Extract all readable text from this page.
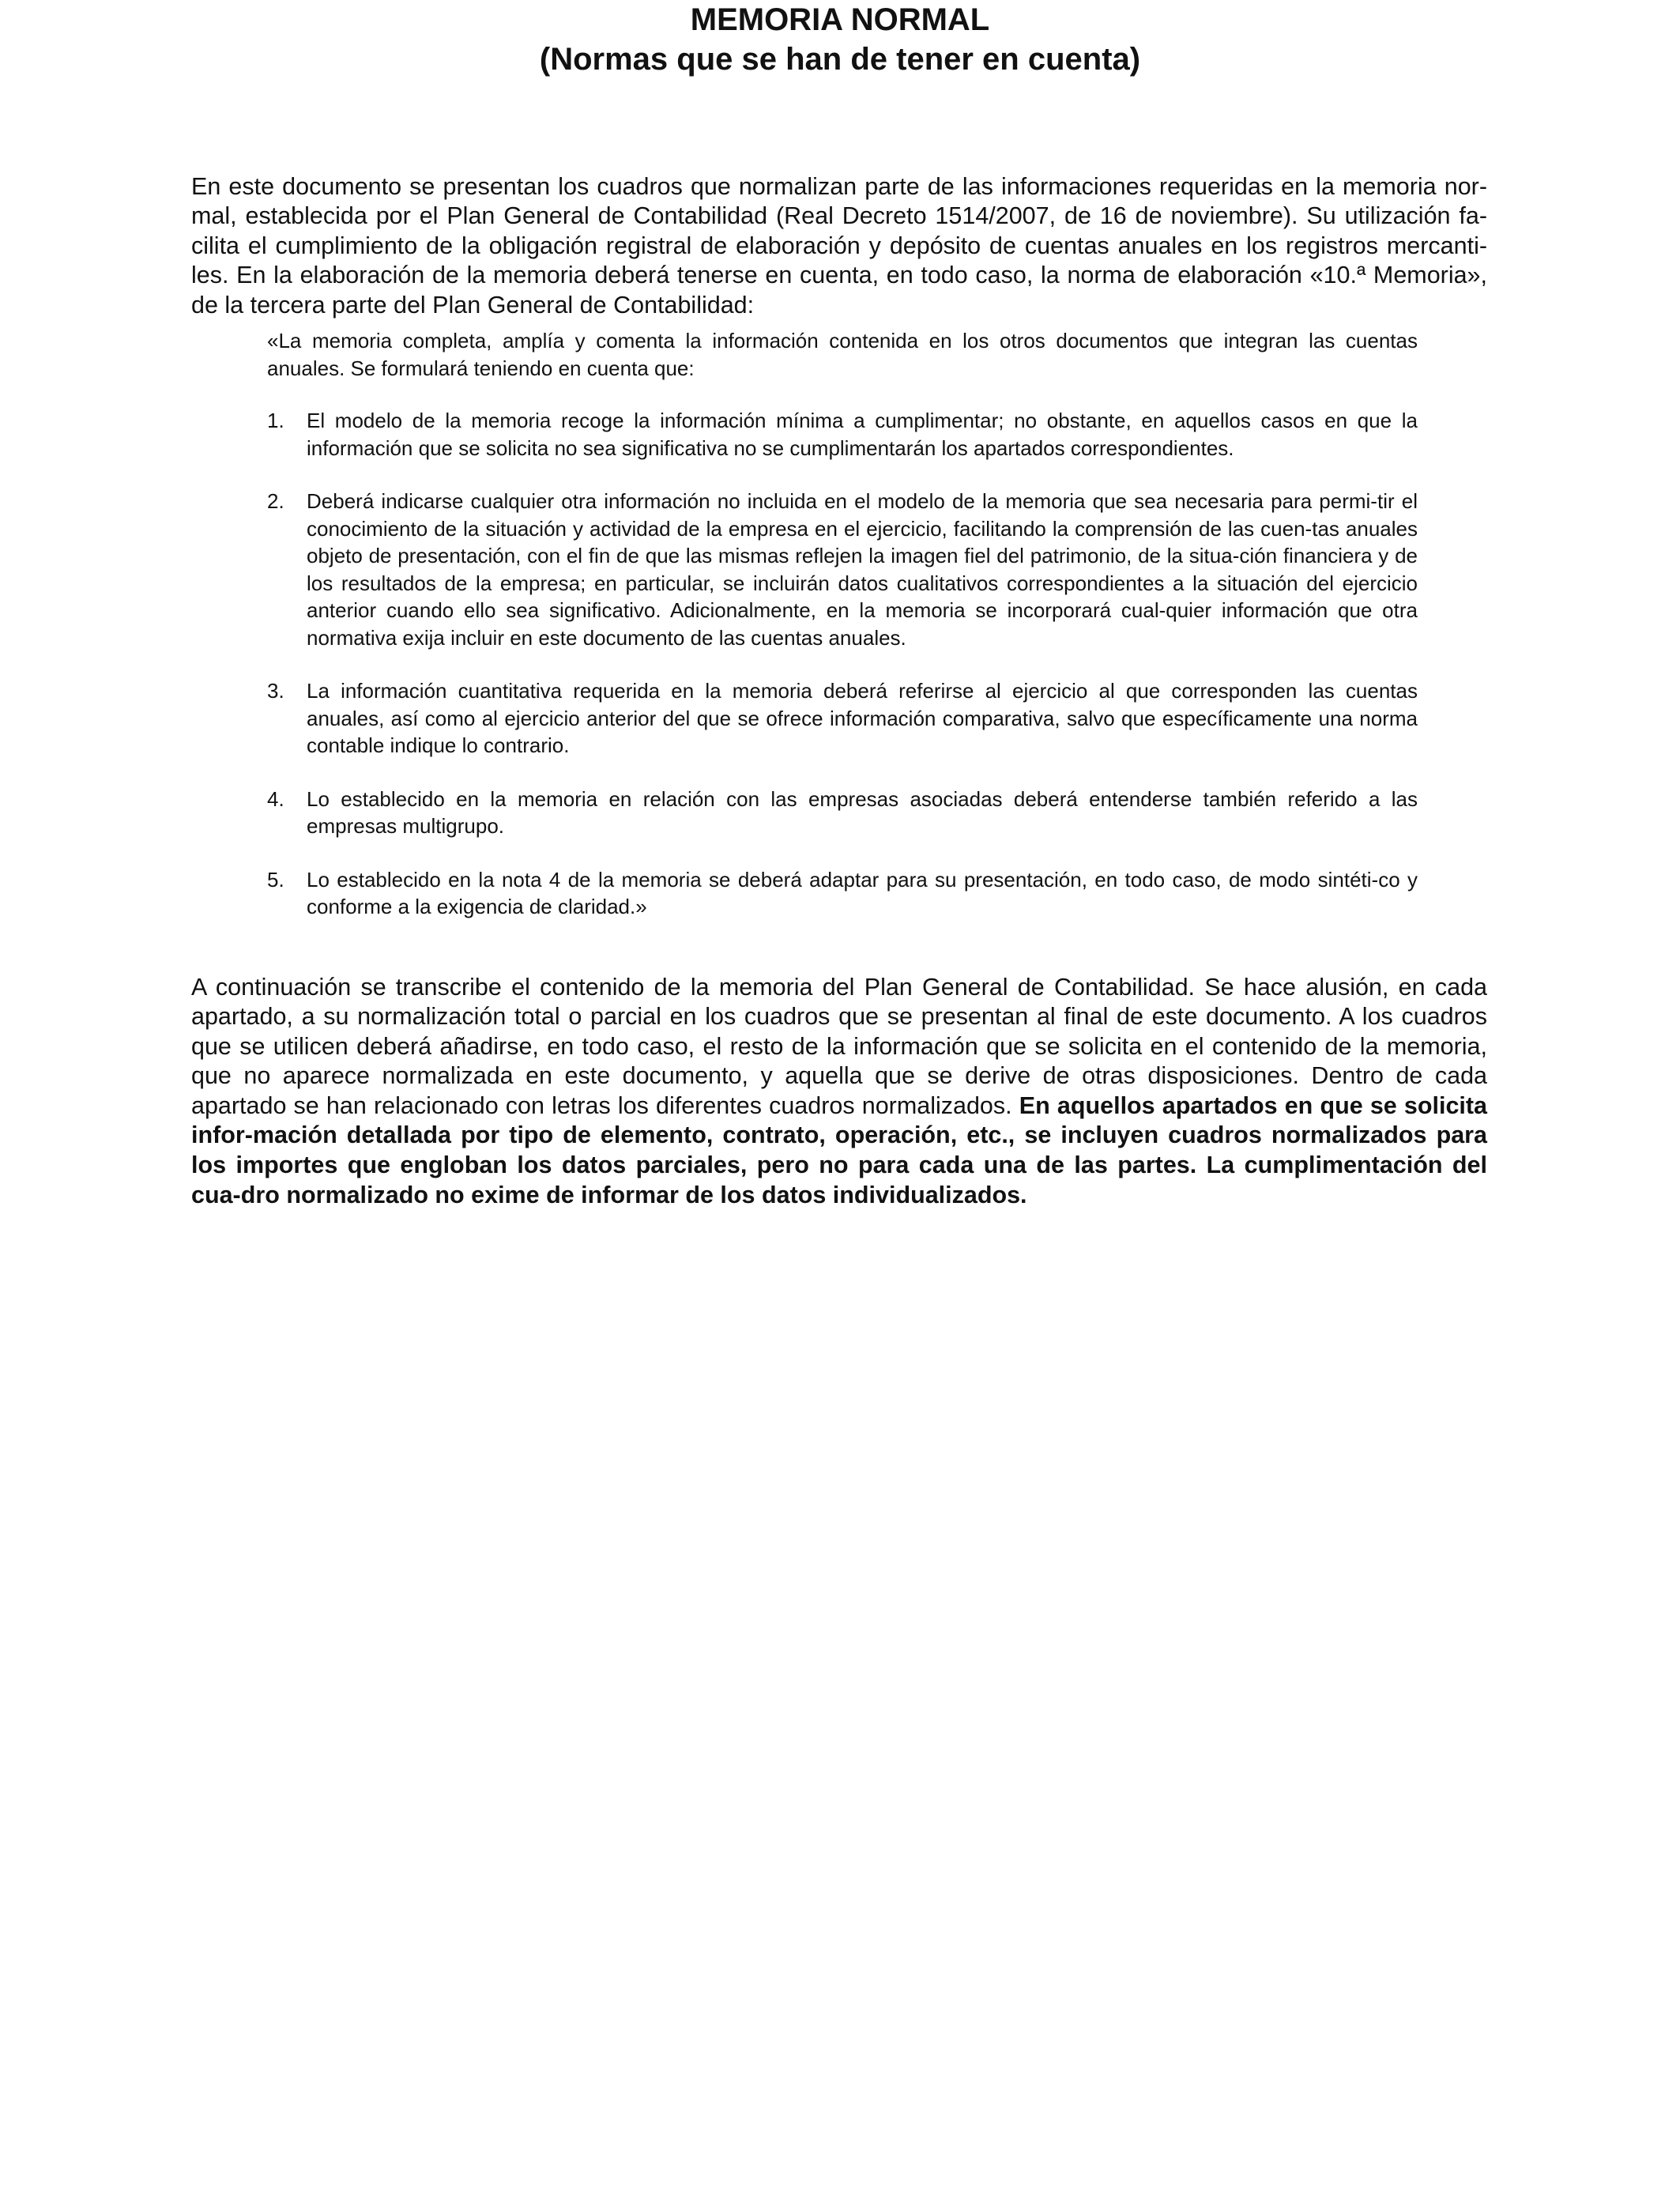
MEMORIA NORMAL
(Normas que se han de tener en cuenta)

En este documento se presentan los cuadros que normalizan parte de las informaciones requeridas en la memoria nor-mal, establecida por el Plan General de Contabilidad (Real Decreto 1514/2007, de 16 de noviembre). Su utilización fa-cilita el cumplimiento de la obligación registral de elaboración y depósito de cuentas anuales en los registros mercanti-les. En la elaboración de la memoria deberá tenerse en cuenta, en todo caso, la norma de elaboración «10.ª Memoria», de la tercera parte del Plan General de Contabilidad:

«La memoria completa, amplía y comenta la información contenida en los otros documentos que integran las cuentas anuales. Se formulará teniendo en cuenta que:

1.	El modelo de la memoria recoge la información mínima a cumplimentar; no obstante, en aquellos casos en que la información que se solicita no sea significativa no se cumplimentarán los apartados correspondientes.
2.	Deberá indicarse cualquier otra información no incluida en el modelo de la memoria que sea necesaria para permi-tir el conocimiento de la situación y actividad de la empresa en el ejercicio, facilitando la comprensión de las cuen-tas anuales objeto de presentación, con el fin de que las mismas reflejen la imagen fiel del patrimonio, de la situa-ción financiera y de los resultados de la empresa; en particular, se incluirán datos cualitativos correspondientes a la situación del ejercicio anterior cuando ello sea significativo. Adicionalmente, en la memoria se incorporará cual-quier información que otra normativa exija incluir en este documento de las cuentas anuales.
3.	La información cuantitativa requerida en la memoria deberá referirse al ejercicio al que corresponden las cuentas anuales, así como al ejercicio anterior del que se ofrece información comparativa, salvo que específicamente una norma contable indique lo contrario.
4.	Lo establecido en la memoria en relación con las empresas asociadas deberá entenderse también referido a las empresas multigrupo.
5.	Lo establecido en la nota 4 de la memoria se deberá adaptar para su presentación, en todo caso, de modo sintéti-co y conforme a la exigencia de claridad.»

A continuación se transcribe el contenido de la memoria del Plan General de Contabilidad. Se hace alusión, en cada apartado, a su normalización total o parcial en los cuadros que se presentan al final de este documento. A los cuadros que se utilicen deberá añadirse, en todo caso, el resto de la información que se solicita en el contenido de la memoria, que no aparece normalizada en este documento, y aquella que se derive de otras disposiciones. Dentro de cada apartado se han relacionado con letras los diferentes cuadros normalizados. En aquellos apartados en que se solicita infor-mación detallada por tipo de elemento, contrato, operación, etc., se incluyen cuadros normalizados para los importes que engloban los datos parciales, pero no para cada una de las partes. La cumplimentación del cua-dro normalizado no exime de informar de los datos individualizados.
